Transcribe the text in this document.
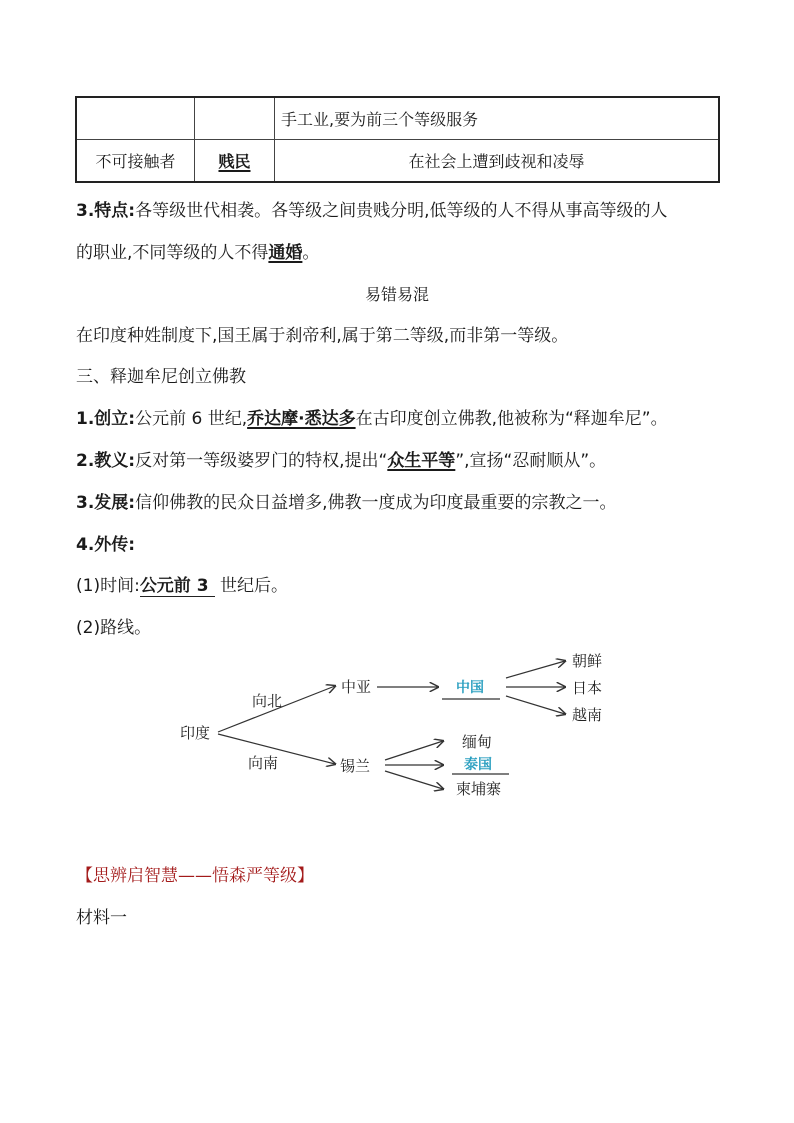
		手工业,要为前三个等级服务
不可接触者	贱民	在社会上遭到歧视和凌辱
3.特点:各等级世代相袭。各等级之间贵贱分明,低等级的人不得从事高等级的人
的职业,不同等级的人不得通婚。
易错易混
在印度种姓制度下,国王属于刹帝利,属于第二等级,而非第一等级。
三、释迦牟尼创立佛教
1.创立:公元前 6 世纪,乔达摩·悉达多在古印度创立佛教,他被称为“释迦牟尼”。
2.教义:反对第一等级婆罗门的特权,提出“众生平等”,宣扬“忍耐顺从”。
3.发展:信仰佛教的民众日益增多,佛教一度成为印度最重要的宗教之一。
4.外传:
(1)时间:公元前 3 世纪后。
(2)路线。
印度
向北
向南
中亚
锡兰
朝鲜
日本
越南
缅甸
柬埔寨
中国
泰国
【思辨启智慧——悟森严等级】
材料一
